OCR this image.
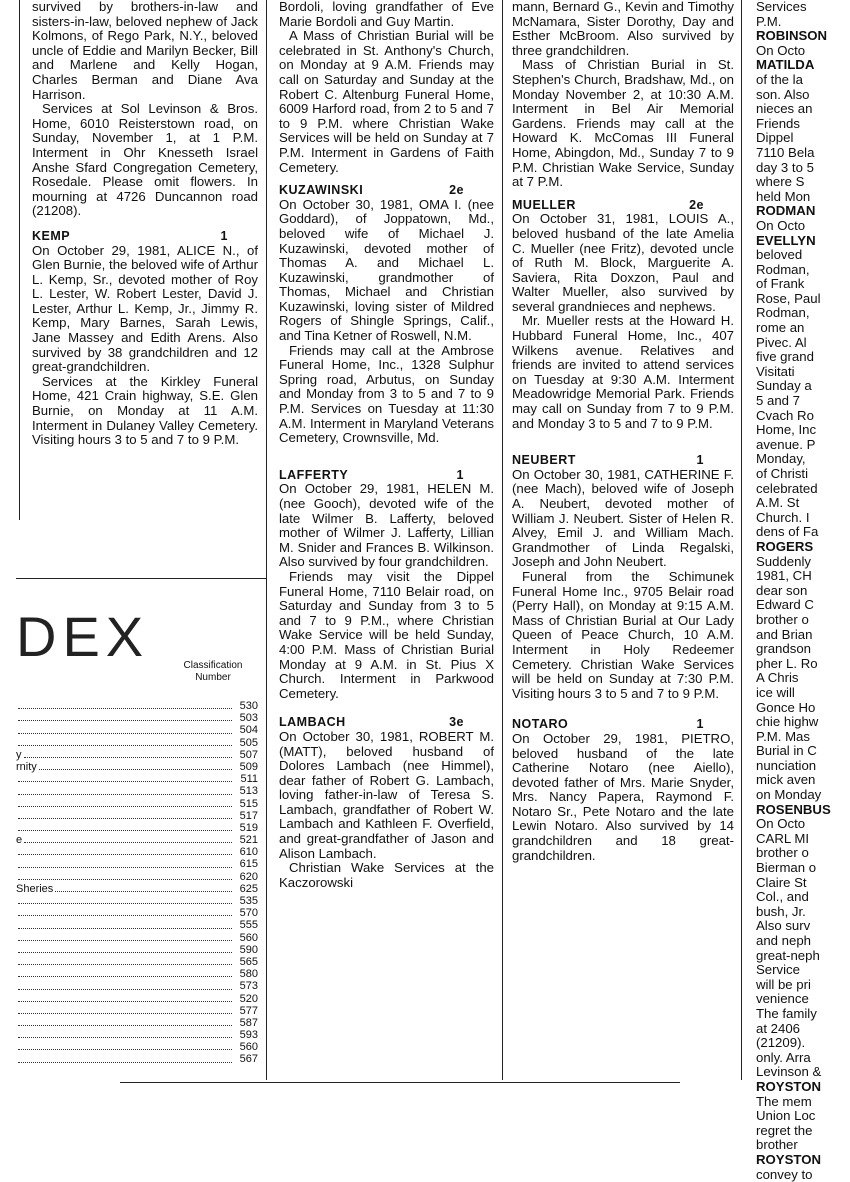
survived by brothers-in-law and sisters-in-law, beloved nephew of Jack Kolmons, of Rego Park, N.Y., beloved uncle of Eddie and Marilyn Becker, Bill and Marlene and Kelly Hogan, Charles Berman and Diane Ava Harrison.

Services at Sol Levinson & Bros. Home, 6010 Reisterstown road, on Sunday, November 1, at 1 P.M. Interment in Ohr Knesseth Israel Anshe Sfard Congregation Cemetery, Rosedale. Please omit flowers. In mourning at 4726 Duncannon road (21208).

KEMP	1

On October 29, 1981, ALICE N., of Glen Burnie, the beloved wife of Arthur L. Kemp, Sr., devoted mother of Roy L. Lester, W. Robert Lester, David J. Lester, Arthur L. Kemp, Jr., Jimmy R. Kemp, Mary Barnes, Sarah Lewis, Jane Massey and Edith Arens. Also survived by 38 grandchildren and 12 great-grandchildren.

Services at the Kirkley Funeral Home, 421 Crain highway, S.E. Glen Burnie, on Monday at 11 A.M. Interment in Dulaney Valley Cemetery. Visiting hours 3 to 5 and 7 to 9 P.M.

DEX	Classification Number
530
503
504
505
y	507
rnity	509
511
513
515
517
519
e	521
610
615
620
Sheries	625
535
570
555
560
590
565
580
573
520
577
587
593
560
567

Bordoli, loving grandfather of Eve Marie Bordoli and Guy Martin.

A Mass of Christian Burial will be celebrated in St. Anthony's Church, on Monday at 9 A.M. Friends may call on Saturday and Sunday at the Robert C. Altenburg Funeral Home, 6009 Harford road, from 2 to 5 and 7 to 9 P.M. where Christian Wake Services will be held on Sunday at 7 P.M. Interment in Gardens of Faith Cemetery.

KUZAWINSKI	2e

On October 30, 1981, OMA I. (nee Goddard), of Joppatown, Md., beloved wife of Michael J. Kuzawinski, devoted mother of Thomas A. and Michael L. Kuzawinski, grandmother of Thomas, Michael and Christian Kuzawinski, loving sister of Mildred Rogers of Shingle Springs, Calif., and Tina Ketner of Roswell, N.M.

Friends may call at the Ambrose Funeral Home, Inc., 1328 Sulphur Spring road, Arbutus, on Sunday and Monday from 3 to 5 and 7 to 9 P.M. Services on Tuesday at 11:30 A.M. Interment in Maryland Veterans Cemetery, Crownsville, Md.

LAFFERTY	1

On October 29, 1981, HELEN M. (nee Gooch), devoted wife of the late Wilmer B. Lafferty, beloved mother of Wilmer J. Lafferty, Lillian M. Snider and Frances B. Wilkinson. Also survived by four grandchildren.

Friends may visit the Dippel Funeral Home, 7110 Belair road, on Saturday and Sunday from 3 to 5 and 7 to 9 P.M., where Christian Wake Service will be held Sunday, 4:00 P.M. Mass of Christian Burial Monday at 9 A.M. in St. Pius X Church. Interment in Parkwood Cemetery.

LAMBACH	3e

On October 30, 1981, ROBERT M. (MATT), beloved husband of Dolores Lambach (nee Himmel), dear father of Robert G. Lambach, loving father-in-law of Teresa S. Lambach, grandfather of Robert W. Lambach and Kathleen F. Overfield, and great-grandfather of Jason and Alison Lambach.

Christian Wake Services at the Kaczorowski

mann, Bernard G., Kevin and Timothy McNamara, Sister Dorothy, Day and Esther McBroom. Also survived by three grandchildren.

Mass of Christian Burial in St. Stephen's Church, Bradshaw, Md., on Monday November 2, at 10:30 A.M. Interment in Bel Air Memorial Gardens. Friends may call at the Howard K. McComas III Funeral Home, Abingdon, Md., Sunday 7 to 9 P.M. Christian Wake Service, Sunday at 7 P.M.

MUELLER	2e

On October 31, 1981, LOUIS A., beloved husband of the late Amelia C. Mueller (nee Fritz), devoted uncle of Ruth M. Block, Marguerite A. Saviera, Rita Doxzon, Paul and Walter Mueller, also survived by several grandnieces and nephews.

Mr. Mueller rests at the Howard H. Hubbard Funeral Home, Inc., 407 Wilkens avenue. Relatives and friends are invited to attend services on Tuesday at 9:30 A.M. Interment Meadowridge Memorial Park. Friends may call on Sunday from 7 to 9 P.M. and Monday 3 to 5 and 7 to 9 P.M.

NEUBERT	1

On October 30, 1981, CATHERINE F. (nee Mach), beloved wife of Joseph A. Neubert, devoted mother of William J. Neubert. Sister of Helen R. Alvey, Emil J. and William Mach. Grandmother of Linda Regalski, Joseph and John Neubert.

Funeral from the Schimunek Funeral Home Inc., 9705 Belair road (Perry Hall), on Monday at 9:15 A.M. Mass of Christian Burial at Our Lady Queen of Peace Church, 10 A.M. Interment in Holy Redeemer Cemetery. Christian Wake Services will be held on Sunday at 7:30 P.M. Visiting hours 3 to 5 and 7 to 9 P.M.

NOTARO	1

On October 29, 1981, PIETRO, beloved husband of the late Catherine Notaro (nee Aiello), devoted father of Mrs. Marie Snyder, Mrs. Nancy Papera, Raymond F. Notaro Sr., Pete Notaro and the late Lewin Notaro. Also survived by 14 grandchildren and 18 great-grandchildren.

Services
P.M.
ROBINSON
On Octo
MATILDA
of the la
son. Also
nieces an
Friends
Dippel
7110 Bela
day 3 to 5
where S
held Mon
RODMAN
On Octo
EVELLYN
beloved
Rodman,
of Frank
Rose, Paul
Rodman,
rome an
Pivec. Al
five grand
Visitati
Sunday a
5 and 7
Cvach Ro
Home, Inc
avenue. P
Monday,
of Christi
celebrated
A.M. St
Church. I
dens of Fa
ROGERS
Suddenly
1981, CH
dear son
Edward C
brother o
and Brian
grandson
pher L. Ro
A Chris
ice will
Gonce Ho
chie highw
P.M. Mas
Burial in C
nunciation
mick aven
on Monday
ROSENBUS
On Octo
CARL MI
brother o
Bierman o
Claire St
Col., and
bush, Jr.
Also surv
and neph
great-neph
Service
will be pri
venience
The family
at 2406
(21209).
only. Arra
Levinson &
ROYSTON
The mem
Union Loc
regret the
brother
ROYSTON
convey to
